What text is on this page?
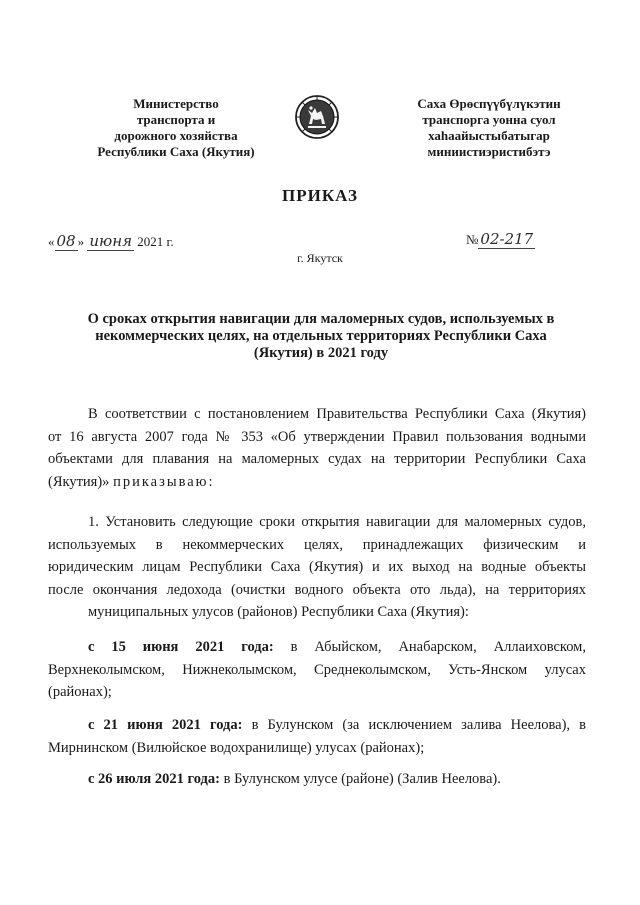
Министерство
транспорта и
дорожного хозяйства
Республики Саха (Якутия)
Саха Өрөспүүбүлүкэтин
транспорга уонна суол
хаһаайыстыбатыгар
миниистиэристибэтэ
ПРИКАЗ
« 08 » июня 2021 г.
г. Якутск
№ 02-217
О сроках открытия навигации для маломерных судов, используемых в
некоммерческих целях, на отдельных территориях Республики Саха
(Якутия) в 2021 году
В соответствии с постановлением Правительства Республики Саха (Якутия)
от 16 августа 2007 года № 353 «Об утверждении Правил пользования водными
объектами для плавания на маломерных судах на территории Республики Саха
(Якутия)» приказываю:
1. Установить следующие сроки открытия навигации для маломерных судов,
используемых в некоммерческих целях, принадлежащих физическим и
юридическим лицам Республики Саха (Якутия) и их выход на водные объекты
после окончания ледохода (очистки водного объекта ото льда), на территориях
муниципальных улусов (районов) Республики Саха (Якутия):
с 15 июня 2021 года: в Абыйском, Анабарском, Аллаиховском,
Верхнеколымском, Нижнеколымском, Среднеколымском, Усть-Янском улусах
(районах);
с 21 июня 2021 года: в Булунском (за исключением залива Неелова), в
Мирнинском (Вилюйское водохранилище) улусах (районах);
с 26 июля 2021 года: в Булунском улусе (районе) (Залив Неелова).
